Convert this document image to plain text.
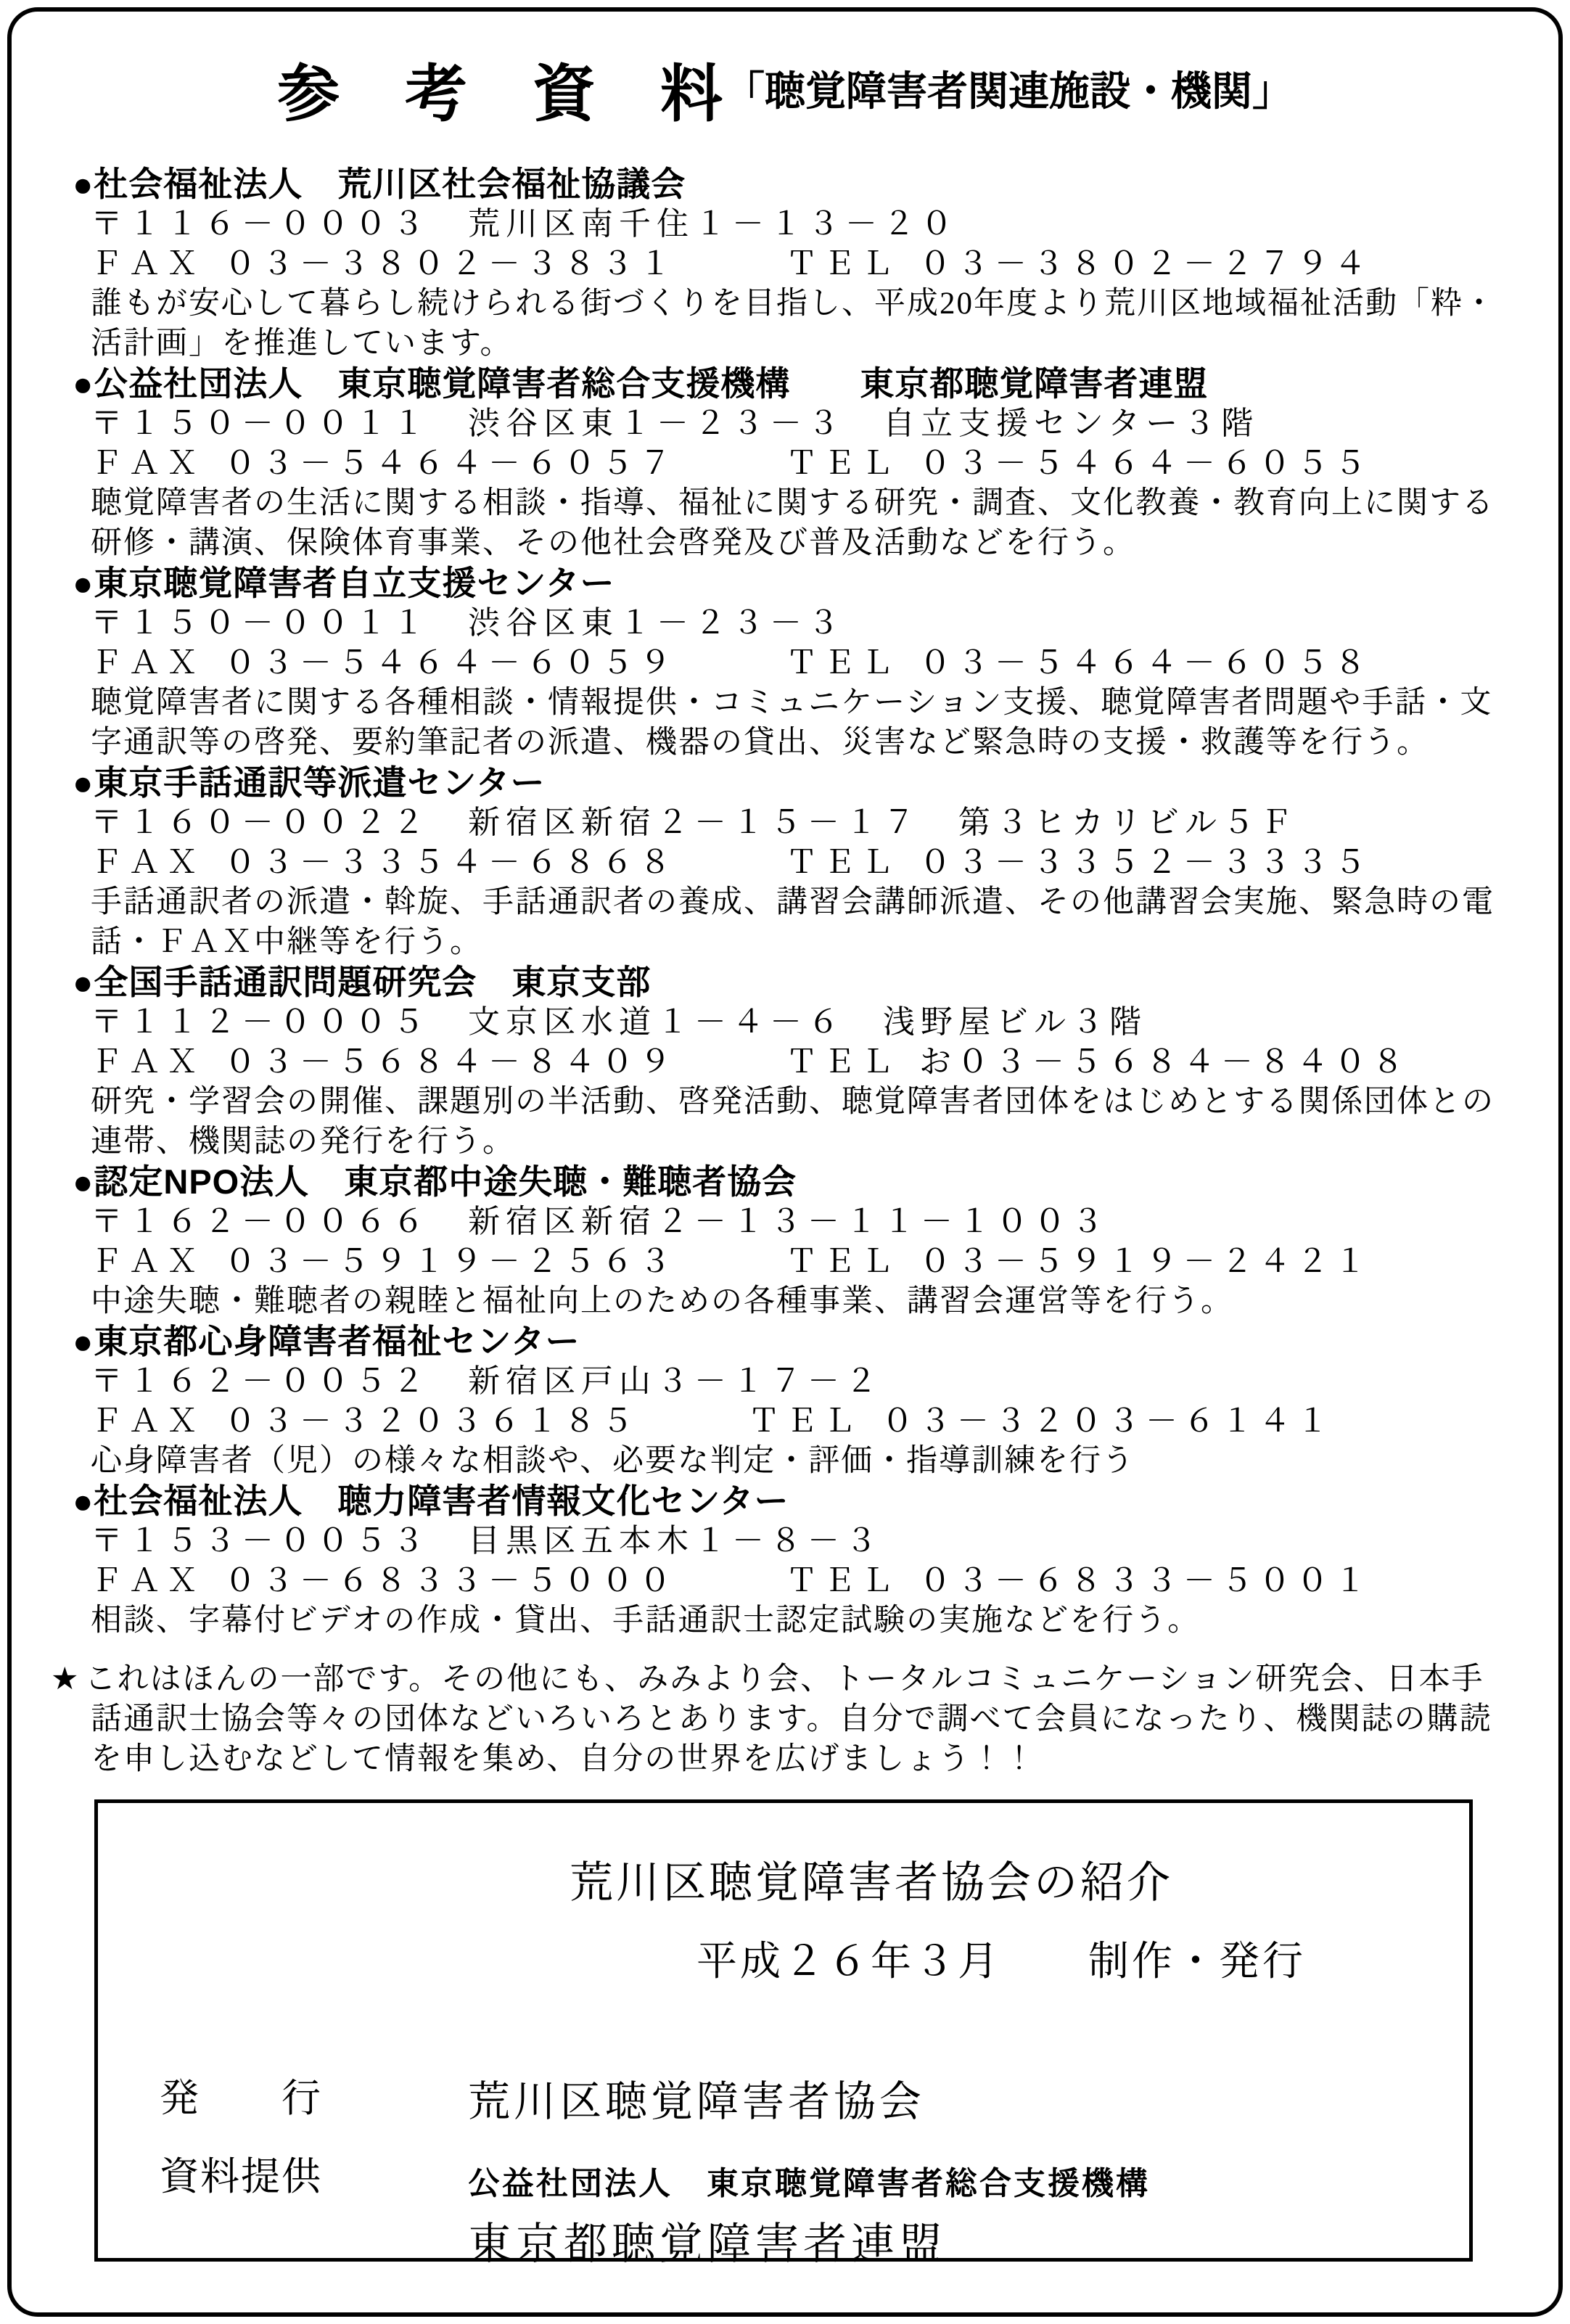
参　考　資　料 「聴覚障害者関連施設・機関」
●社会福祉法人　荒川区社会福祉協議会
〒１１６－０００３　荒川区南千住１－１３－２０
ＦＡＸ ０３－３８０２－３８３１	ＴＥＬ ０３－３８０２－２７９４
誰もが安心して暮らし続けられる街づくりを目指し、平成20年度より荒川区地域福祉活動「粋・活計画」を推進しています。
●公益社団法人　東京聴覚障害者総合支援機構　　東京都聴覚障害者連盟
〒１５０－００１１　渋谷区東１－２３－３　自立支援センター３階
ＦＡＸ ０３－５４６４－６０５７	ＴＥＬ ０３－５４６４－６０５５
聴覚障害者の生活に関する相談・指導、福祉に関する研究・調査、文化教養・教育向上に関する研修・講演、保険体育事業、その他社会啓発及び普及活動などを行う。
●東京聴覚障害者自立支援センター
〒１５０－００１１　渋谷区東１－２３－３
ＦＡＸ ０３－５４６４－６０５９	ＴＥＬ ０３－５４６４－６０５８
聴覚障害者に関する各種相談・情報提供・コミュニケーション支援、聴覚障害者問題や手話・文字通訳等の啓発、要約筆記者の派遣、機器の貸出、災害など緊急時の支援・救護等を行う。
●東京手話通訳等派遣センター
〒１６０－００２２　新宿区新宿２－１５－１７　第３ヒカリビル５Ｆ
ＦＡＸ ０３－３３５４－６８６８	ＴＥＬ ０３－３３５２－３３３５
手話通訳者の派遣・斡旋、手話通訳者の養成、講習会講師派遣、その他講習会実施、緊急時の電話・ＦＡＸ中継等を行う。
●全国手話通訳問題研究会　東京支部
〒１１２－０００５　文京区水道１－４－６　浅野屋ビル３階
ＦＡＸ ０３－５６８４－８４０９	ＴＥＬ お０３－５６８４－８４０８
研究・学習会の開催、課題別の半活動、啓発活動、聴覚障害者団体をはじめとする関係団体との連帯、機関誌の発行を行う。
●認定NPO法人　東京都中途失聴・難聴者協会
〒１６２－００６６　新宿区新宿２－１３－１１－１００３
ＦＡＸ ０３－５９１９－２５６３	ＴＥＬ ０３－５９１９－２４２１
中途失聴・難聴者の親睦と福祉向上のための各種事業、講習会運営等を行う。
●東京都心身障害者福祉センター
〒１６２－００５２　新宿区戸山３－１７－２
ＦＡＸ ０３－３２０３６１８５	ＴＥＬ ０３－３２０３－６１４１
心身障害者（児）の様々な相談や、必要な判定・評価・指導訓練を行う
●社会福祉法人　聴力障害者情報文化センター
〒１５３－００５３　目黒区五本木１－８－３
ＦＡＸ ０３－６８３３－５０００	ＴＥＬ ０３－６８３３－５００１
相談、字幕付ビデオの作成・貸出、手話通訳士認定試験の実施などを行う。
★ これはほんの一部です。その他にも、みみより会、トータルコミュニケーション研究会、日本手話通訳士協会等々の団体などいろいろとあります。自分で調べて会員になったり、機関誌の購読を申し込むなどして情報を集め、自分の世界を広げましょう！！
荒川区聴覚障害者協会の紹介
平成２６年３月　　制作・発行
発　　行	荒川区聴覚障害者協会
資料提供	公益社団法人　東京聴覚障害者総合支援機構
東京都聴覚障害者連盟
